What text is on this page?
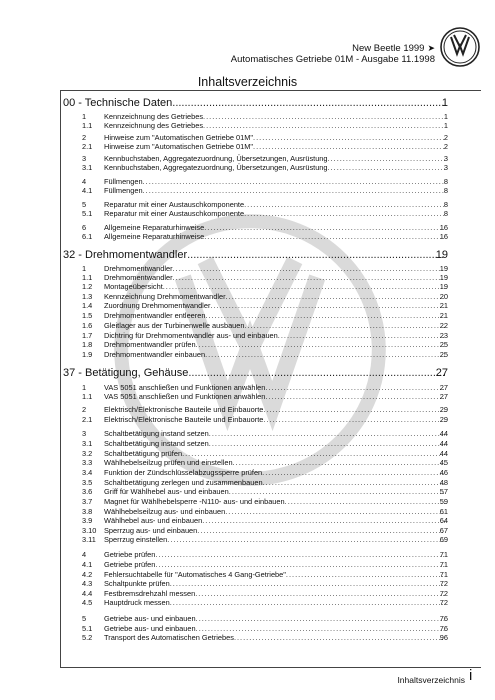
New Beetle 1999 ➤
Automatisches Getriebe 01M - Ausgabe 11.1998
Inhaltsverzeichnis
00 - Technische Daten .....	1
1 Kennzeichnung des Getriebes .....	1
1.1 Kennzeichnung des Getriebes .....	1
2 Hinweise zum "Automatischen Getriebe 01M" .....	2
2.1 Hinweise zum "Automatischen Getriebe 01M" .....	2
3 Kennbuchstaben, Aggregatezuordnung, Übersetzungen, Ausrüstung .....	3
3.1 Kennbuchstaben, Aggregatezuordnung, Übersetzungen, Ausrüstung .....	3
4 Füllmengen .....	8
4.1 Füllmengen .....	8
5 Reparatur mit einer Austauschkomponente .....	8
5.1 Reparatur mit einer Austauschkomponente .....	8
6 Allgemeine Reparaturhinweise .....	16
6.1 Allgemeine Reparaturhinweise .....	16
32 - Drehmomentwandler .....	19
1 Drehmomentwandler .....	19
1.1 Drehmomentwandler .....	19
1.2 Montageübersicht .....	19
1.3 Kennzeichnung Drehmomentwandler .....	20
1.4 Zuordnung Drehmomentwandler .....	21
1.5 Drehmomentwandler entleeren .....	21
1.6 Gleitlager aus der Turbinenwelle ausbauen .....	22
1.7 Dichtring für Drehmomentwandler aus- und einbauen .....	23
1.8 Drehmomentwandler prüfen .....	25
1.9 Drehmomentwandler einbauen .....	25
37 - Betätigung, Gehäuse .....	27
1 VAS 5051 anschließen und Funktionen anwählen .....	27
1.1 VAS 5051 anschließen und Funktionen anwählen .....	27
2 Elektrisch/Elektronische Bauteile und Einbauorte .....	29
2.1 Elektrisch/Elektronische Bauteile und Einbauorte .....	29
3 Schaltbetätigung instand setzen .....	44
3.1 Schaltbetätigung instand setzen .....	44
3.2 Schaltbetätigung prüfen .....	44
3.3 Wählhebelseilzug prüfen und einstellen .....	45
3.4 Funktion der Zündschlüsselabzugssperre prüfen .....	46
3.5 Schaltbetätigung zerlegen und zusammenbauen .....	48
3.6 Griff für Wählhebel aus- und einbauen .....	57
3.7 Magnet für Wählhebelsperre -N110- aus- und einbauen .....	59
3.8 Wählhebelseilzug aus- und einbauen .....	61
3.9 Wählhebel aus- und einbauen .....	64
3.10 Sperrzug aus- und einbauen .....	67
3.11 Sperrzug einstellen .....	69
4 Getriebe prüfen .....	71
4.1 Getriebe prüfen .....	71
4.2 Fehlersuchtabelle für "Automatisches 4 Gang-Getriebe" .....	71
4.3 Schaltpunkte prüfen .....	72
4.4 Festbremsdrehzahl messen .....	72
4.5 Hauptdruck messen .....	72
5 Getriebe aus- und einbauen .....	76
5.1 Getriebe aus- und einbauen .....	76
5.2 Transport des Automatischen Getriebes .....	96
Inhaltsverzeichnis i
